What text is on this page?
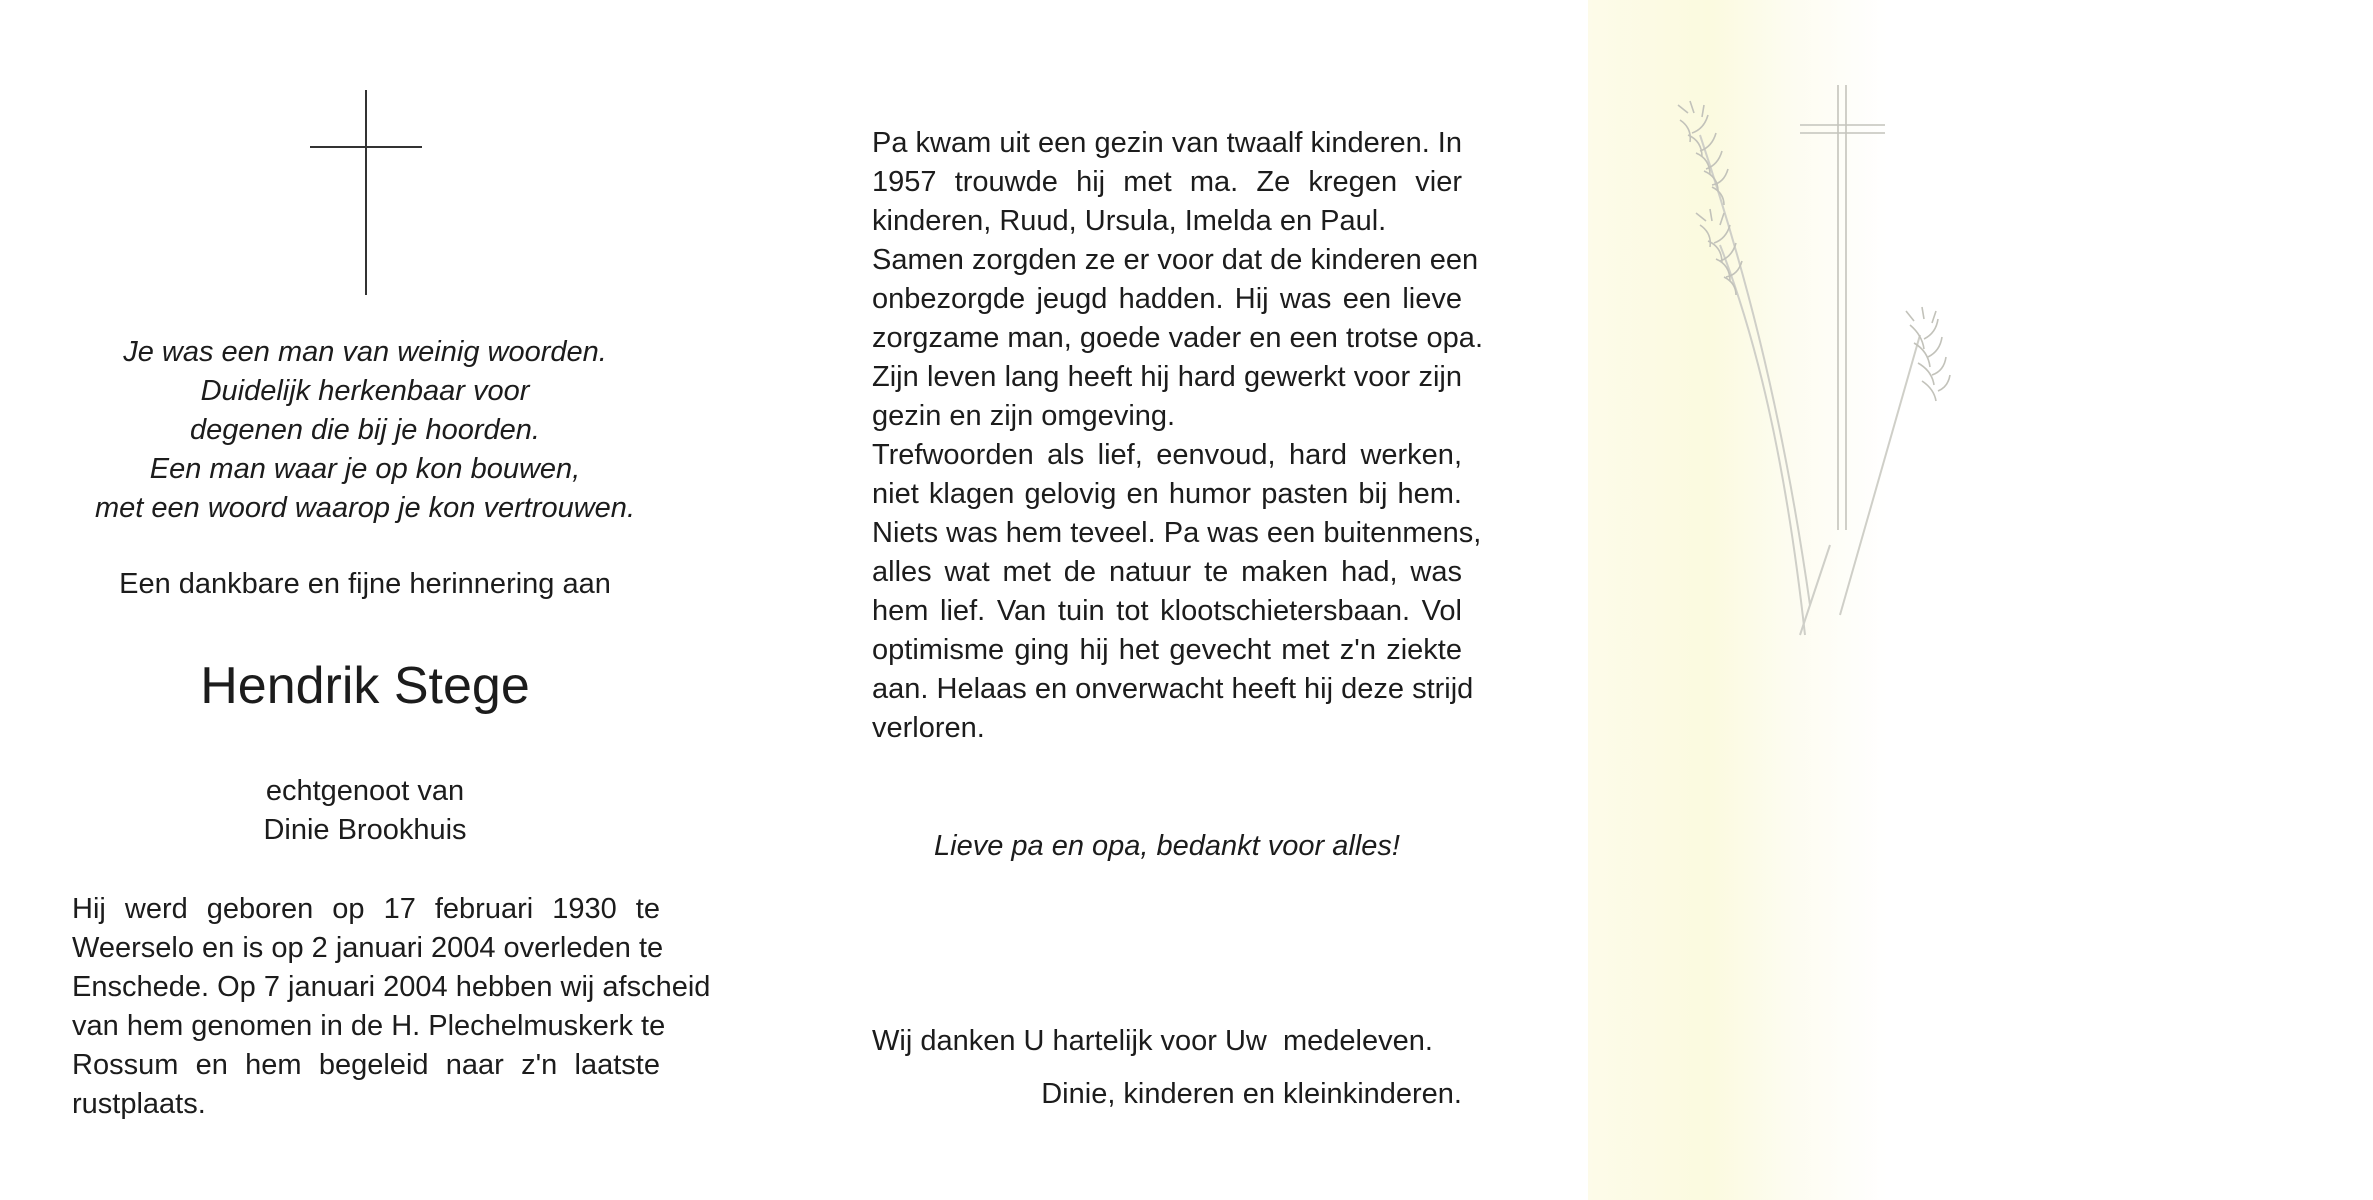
Je was een man van weinig woorden.
Duidelijk herkenbaar voor
degenen die bij je hoorden.
Een man waar je op kon bouwen,
met een woord waarop je kon vertrouwen.
Een dankbare en fijne herinnering aan
Hendrik Stege
echtgenoot van
Dinie Brookhuis
Hij werd geboren op 17 februari 1930 te
Weerselo en is op 2 januari 2004 overleden te
Enschede. Op 7 januari 2004 hebben wij afscheid
van hem genomen in de H. Plechelmuskerk te
Rossum en hem begeleid naar z'n laatste
rustplaats.
Pa kwam uit een gezin van twaalf kinderen. In
1957 trouwde hij met ma. Ze kregen vier
kinderen, Ruud, Ursula, Imelda en Paul.
Samen zorgden ze er voor dat de kinderen een
onbezorgde jeugd hadden. Hij was een lieve
zorgzame man, goede vader en een trotse opa.
Zijn leven lang heeft hij hard gewerkt voor zijn
gezin en zijn omgeving.
Trefwoorden als lief, eenvoud, hard werken,
niet klagen gelovig en humor pasten bij hem.
Niets was hem teveel. Pa was een buitenmens,
alles wat met de natuur te maken had, was
hem lief. Van tuin tot klootschietersbaan. Vol
optimisme ging hij het gevecht met z'n ziekte
aan. Helaas en onverwacht heeft hij deze strijd
verloren.
Lieve pa en opa, bedankt voor alles!
Wij danken U hartelijk voor Uw  medeleven.
Dinie, kinderen en kleinkinderen.
